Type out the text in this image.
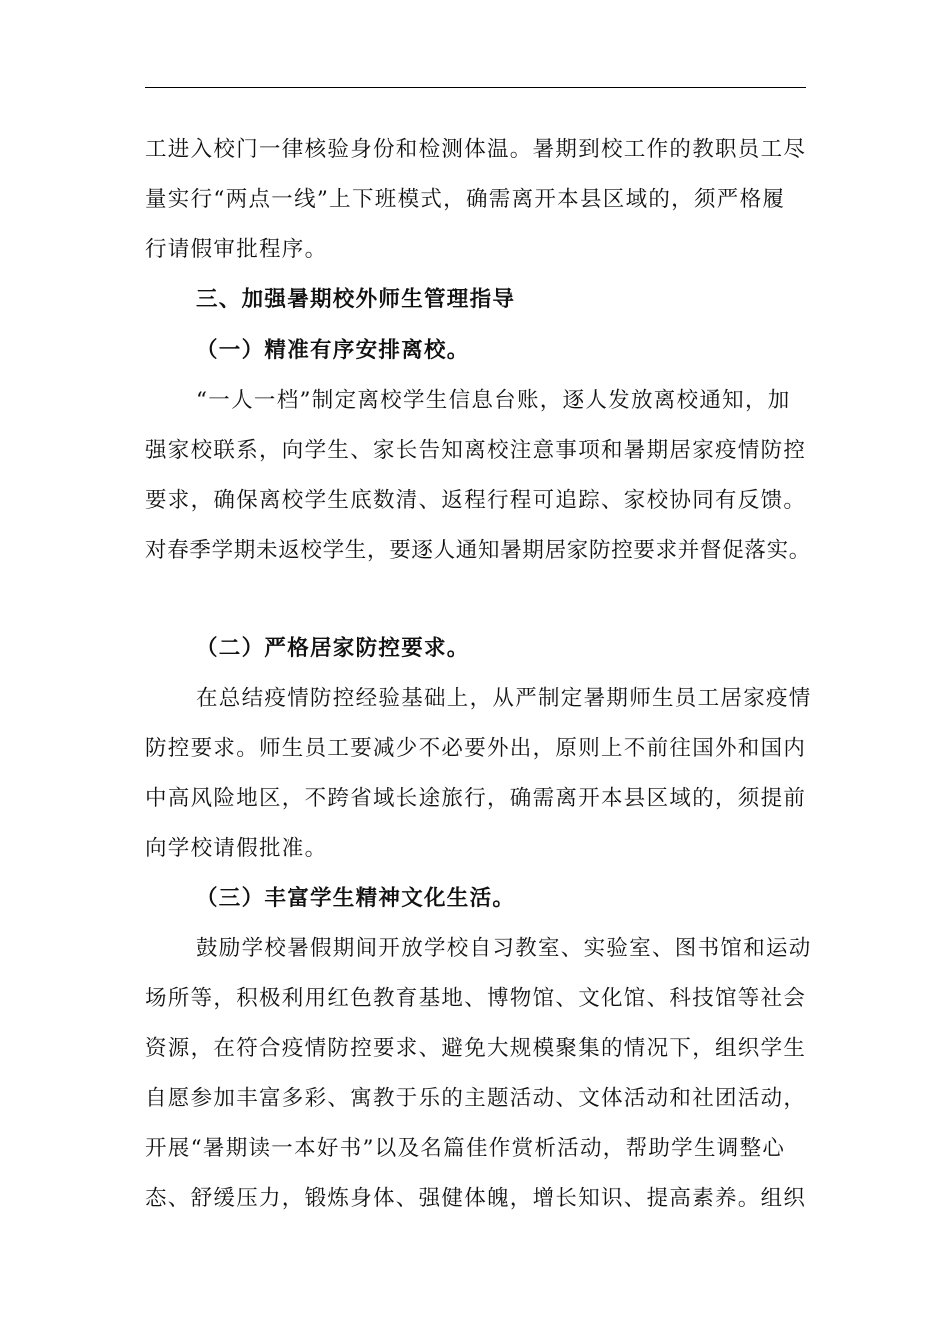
工进入校门一律核验身份和检测体温。暑期到校工作的教职员工尽
量实行“两点一线”上下班模式，确需离开本县区域的，须严格履
行请假审批程序。
三、加强暑期校外师生管理指导
（一）精准有序安排离校。
“一人一档”制定离校学生信息台账，逐人发放离校通知，加
强家校联系，向学生、家长告知离校注意事项和暑期居家疫情防控
要求，确保离校学生底数清、返程行程可追踪、家校协同有反馈。
对春季学期未返校学生，要逐人通知暑期居家防控要求并督促落实。
（二）严格居家防控要求。
在总结疫情防控经验基础上，从严制定暑期师生员工居家疫情
防控要求。师生员工要减少不必要外出，原则上不前往国外和国内
中高风险地区，不跨省域长途旅行，确需离开本县区域的，须提前
向学校请假批准。
（三）丰富学生精神文化生活。
鼓励学校暑假期间开放学校自习教室、实验室、图书馆和运动
场所等，积极利用红色教育基地、博物馆、文化馆、科技馆等社会
资源，在符合疫情防控要求、避免大规模聚集的情况下，组织学生
自愿参加丰富多彩、寓教于乐的主题活动、文体活动和社团活动，
开展“暑期读一本好书”以及名篇佳作赏析活动，帮助学生调整心
态、舒缓压力，锻炼身体、强健体魄，增长知识、提高素养。组织
